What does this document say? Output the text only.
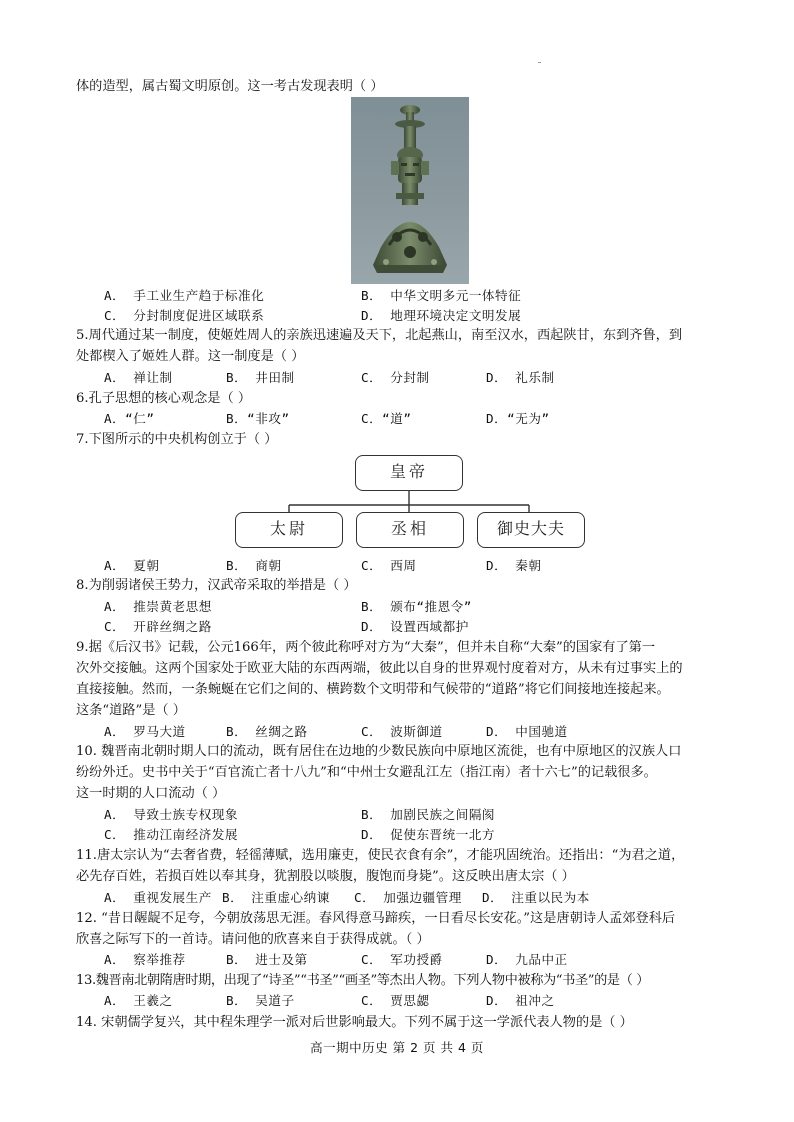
体的造型，属古蜀文明原创。这一考古发现表明（ ）
A． 手工业生产趋于标准化	B． 中华文明多元一体特征
C． 分封制度促进区域联系	D． 地理环境决定文明发展
5.周代通过某一制度，使姬姓周人的亲族迅速遍及天下，北起燕山，南至汉水，西起陕甘，东到齐鲁，到
处都楔入了姬姓人群。这一制度是（ ）
A． 禅让制	B． 井田制	C． 分封制	D． 礼乐制
6.孔子思想的核心观念是（ ）
A．“仁”	B．“非攻”	C．“道”	D．“无为”
7.下图所示的中央机构创立于（ ）
皇帝
太尉	丞相	御史大夫
A． 夏朝	B． 商朝	C． 西周	D． 秦朝
8.为削弱诸侯王势力，汉武帝采取的举措是（ ）
A． 推崇黄老思想	B． 颁布“推恩令”
C． 开辟丝绸之路	D． 设置西域都护
9.据《后汉书》记载，公元166年，两个彼此称呼对方为“大秦”，但并未自称“大秦”的国家有了第一
次外交接触。这两个国家处于欧亚大陆的东西两端，彼此以自身的世界观忖度着对方，从未有过事实上的
直接接触。然而，一条蜿蜒在它们之间的、横跨数个文明带和气候带的“道路”将它们间接地连接起来。
这条“道路”是（ ）
A． 罗马大道	B． 丝绸之路	C． 波斯御道	D． 中国驰道
10. 魏晋南北朝时期人口的流动，既有居住在边地的少数民族向中原地区流徙，也有中原地区的汉族人口
纷纷外迁。史书中关于“百官流亡者十八九”和“中州士女避乱江左（指江南）者十六七”的记载很多。
这一时期的人口流动（ ）
A． 导致士族专权现象	B． 加剧民族之间隔阂
C． 推动江南经济发展	D． 促使东晋统一北方
11.唐太宗认为“去奢省费，轻徭薄赋，选用廉吏，使民衣食有余”，才能巩固统治。还指出：“为君之道，
必先存百姓，若损百姓以奉其身，犹割股以啖腹，腹饱而身毙”。这反映出唐太宗（ ）
A． 重视发展生产 B． 注重虚心纳谏 C． 加强边疆管理 D． 注重以民为本
12. “昔日龌龊不足夸，今朝放荡思无涯。春风得意马蹄疾，一日看尽长安花。”这是唐朝诗人孟郊登科后
欣喜之际写下的一首诗。请问他的欣喜来自于获得成就。（ ）
A． 察举推荐	B． 进士及第	C． 军功授爵	D． 九品中正
13.魏晋南北朝隋唐时期，出现了“诗圣”“书圣”“画圣”等杰出人物。下列人物中被称为“书圣”的是（ ）
A． 王羲之	B． 吴道子	C． 贾思勰	D． 祖冲之
14. 宋朝儒学复兴，其中程朱理学一派对后世影响最大。下列不属于这一学派代表人物的是（ ）
高一期中历史 第 2 页 共 4 页
